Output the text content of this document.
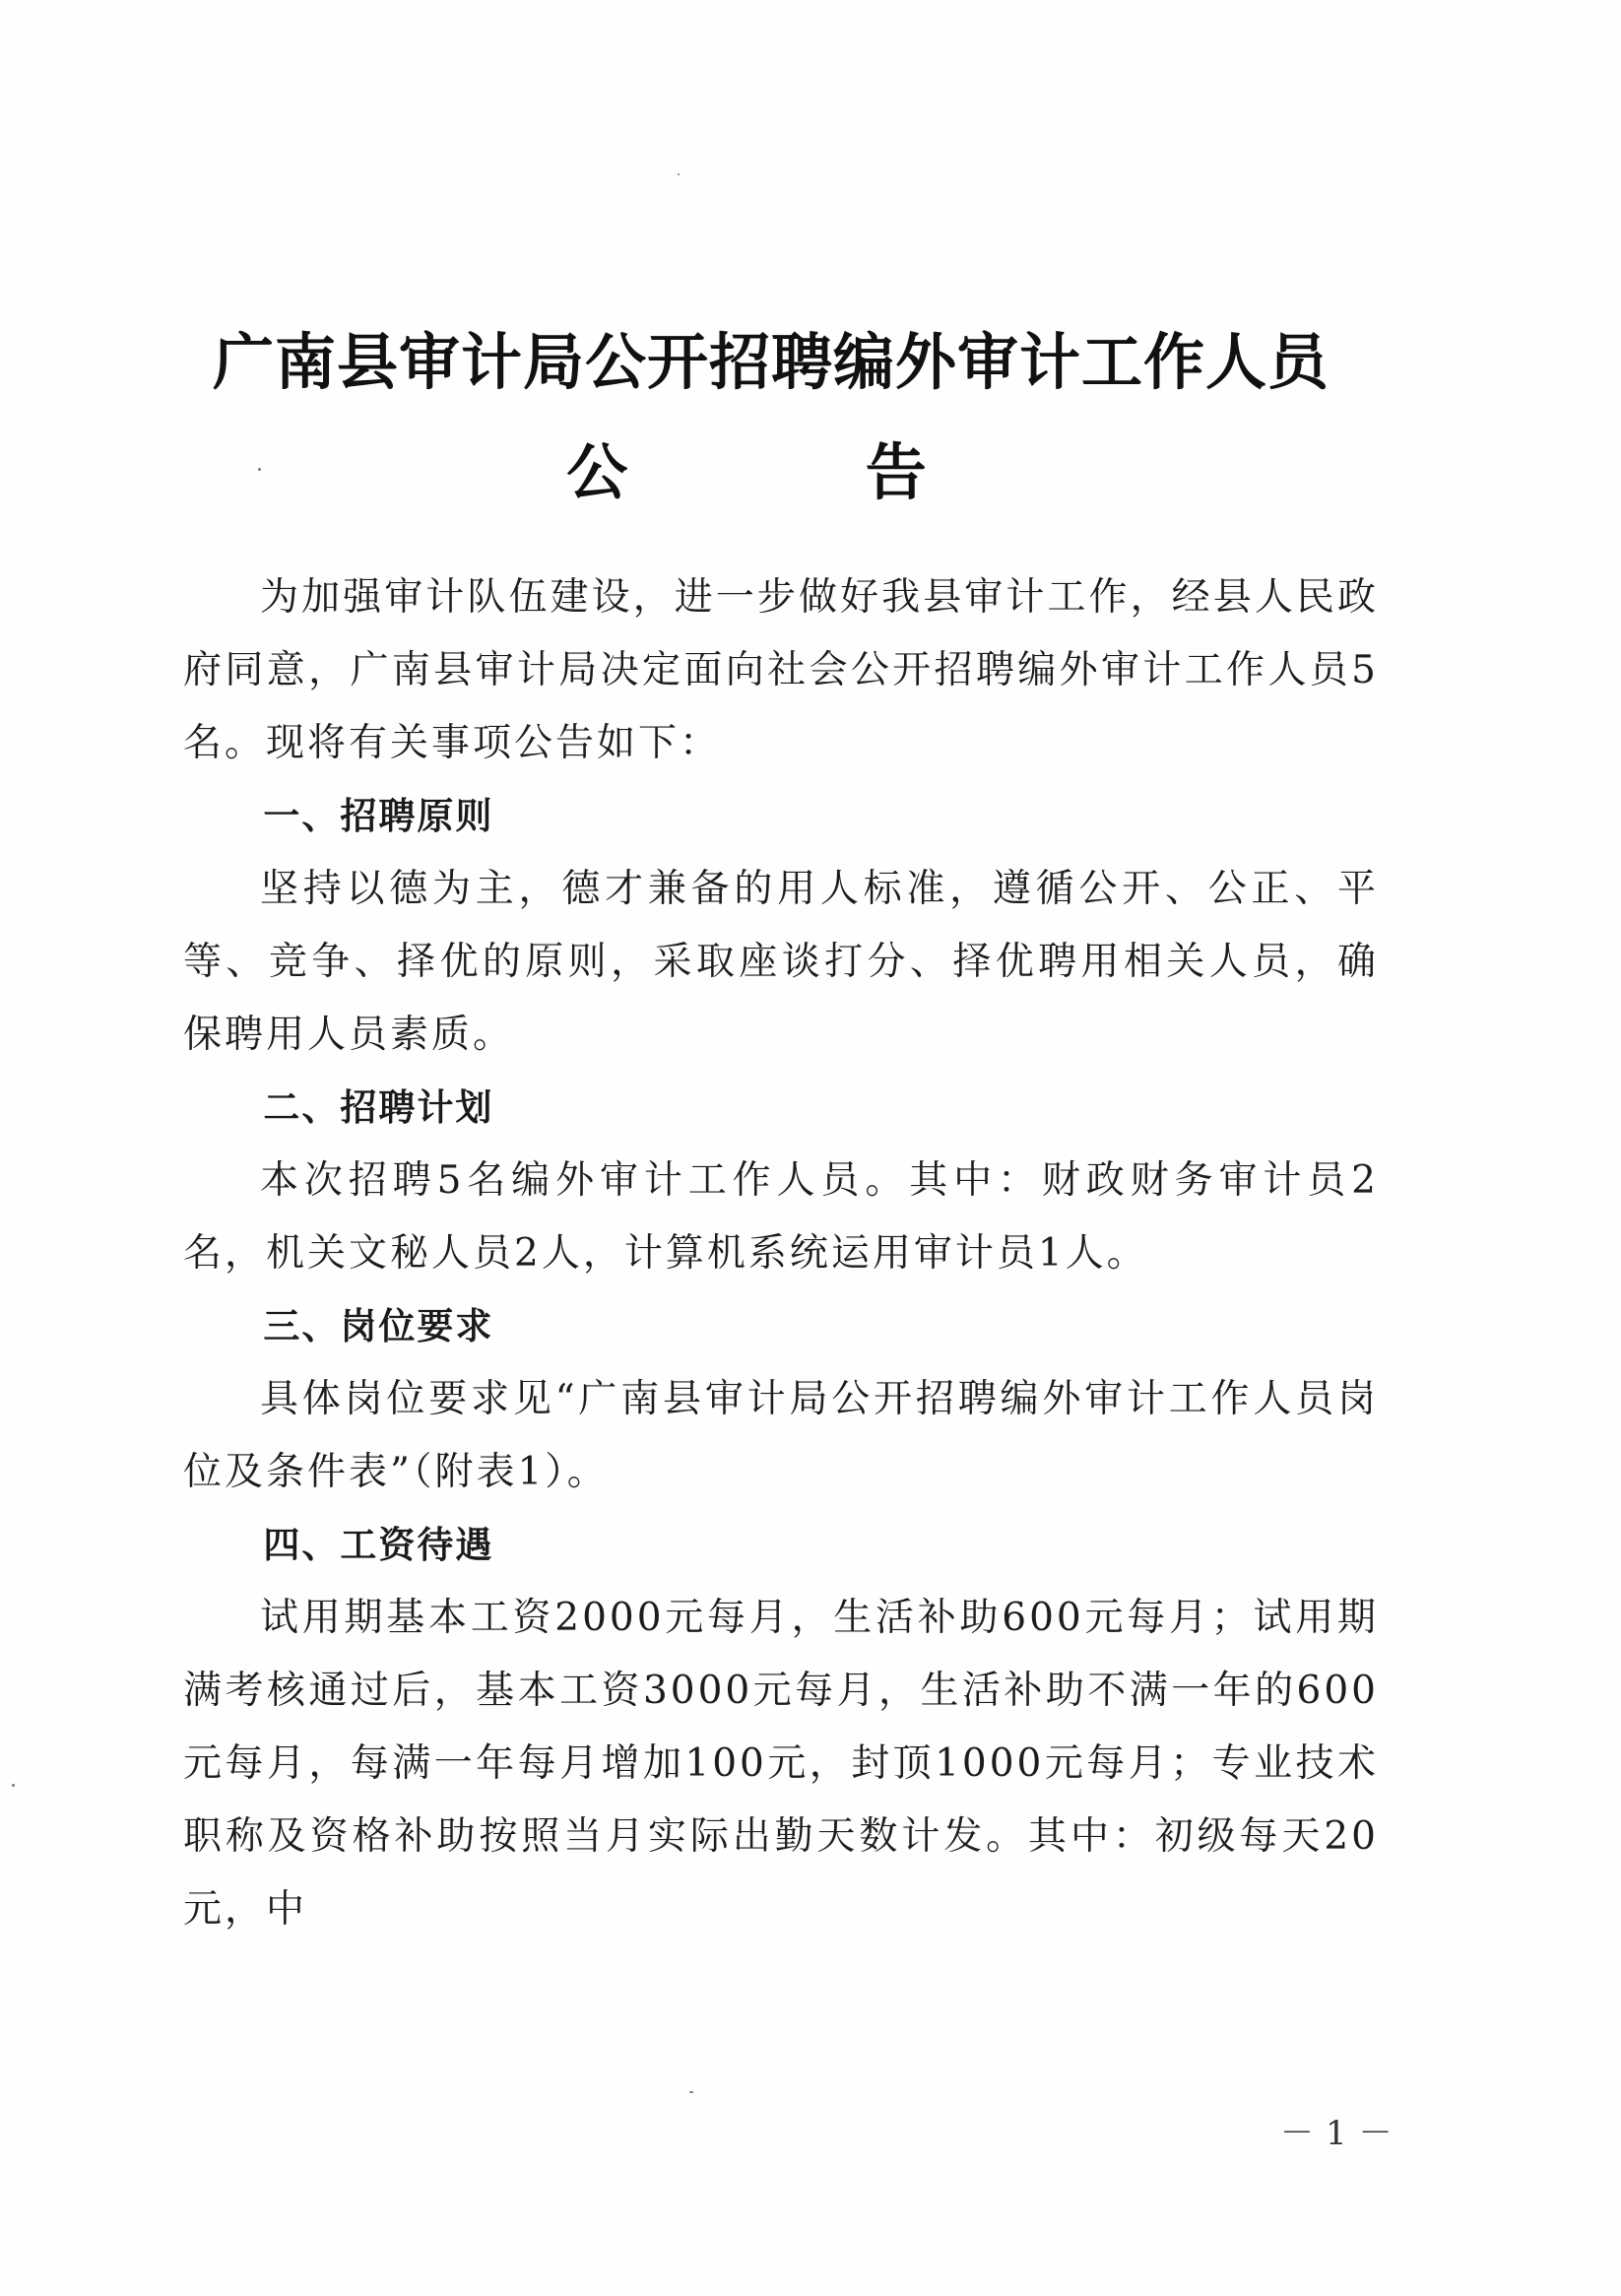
广南县审计局公开招聘编外审计工作人员
公 告

为加强审计队伍建设，进一步做好我县审计工作，经县人民政府同意，广南县审计局决定面向社会公开招聘编外审计工作人员5名。现将有关事项公告如下：

一、招聘原则

坚持以德为主，德才兼备的用人标准，遵循公开、公正、平等、竞争、择优的原则，采取座谈打分、择优聘用相关人员，确保聘用人员素质。

二、招聘计划

本次招聘5名编外审计工作人员。其中：财政财务审计员2名，机关文秘人员2人，计算机系统运用审计员1人。

三、岗位要求

具体岗位要求见“广南县审计局公开招聘编外审计工作人员岗位及条件表”（附表1）。

四、工资待遇

试用期基本工资2000元每月，生活补助600元每月；试用期满考核通过后，基本工资3000元每月，生活补助不满一年的600元每月，每满一年每月增加100元，封顶1000元每月；专业技术职称及资格补助按照当月实际出勤天数计发。其中：初级每天20元，中

－1－
